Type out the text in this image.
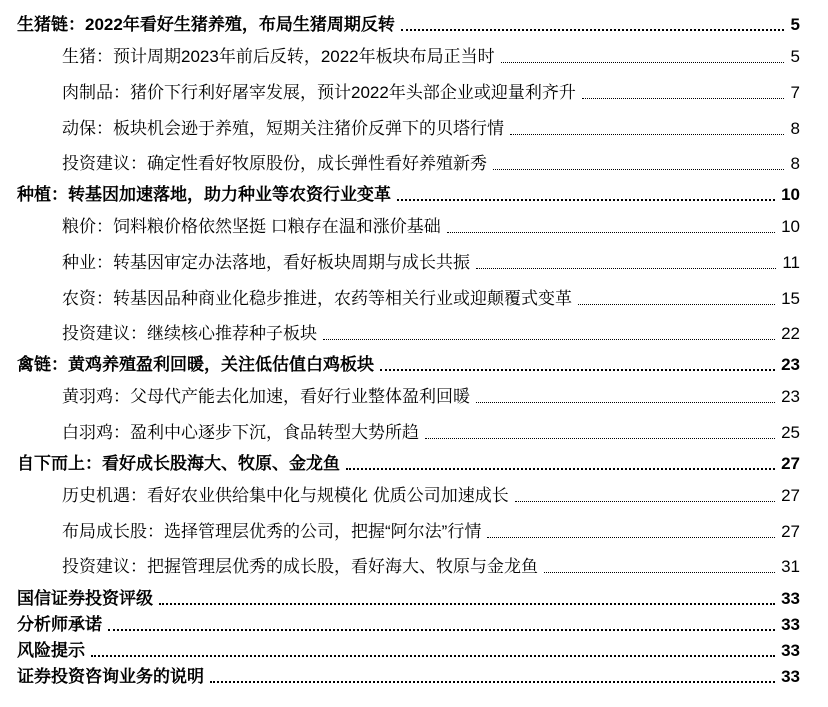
生猪链：2022年看好生猪养殖，布局生猪周期反转	5
生猪：预计周期2023年前后反转，2022年板块布局正当时	5
肉制品：猪价下行利好屠宰发展，预计2022年头部企业或迎量利齐升	7
动保：板块机会逊于养殖，短期关注猪价反弹下的贝塔行情	8
投资建议：确定性看好牧原股份，成长弹性看好养殖新秀	8
种植：转基因加速落地，助力种业等农资行业变革	10
粮价：饲料粮价格依然坚挺 口粮存在温和涨价基础	10
种业：转基因审定办法落地，看好板块周期与成长共振	11
农资：转基因品种商业化稳步推进，农药等相关行业或迎颠覆式变革	15
投资建议：继续核心推荐种子板块	22
禽链：黄鸡养殖盈利回暖，关注低估值白鸡板块	23
黄羽鸡：父母代产能去化加速，看好行业整体盈利回暖	23
白羽鸡：盈利中心逐步下沉，食品转型大势所趋	25
自下而上：看好成长股海大、牧原、金龙鱼	27
历史机遇：看好农业供给集中化与规模化 优质公司加速成长	27
布局成长股：选择管理层优秀的公司，把握“阿尔法”行情	27
投资建议：把握管理层优秀的成长股，看好海大、牧原与金龙鱼	31
国信证券投资评级	33
分析师承诺	33
风险提示	33
证券投资咨询业务的说明	33
